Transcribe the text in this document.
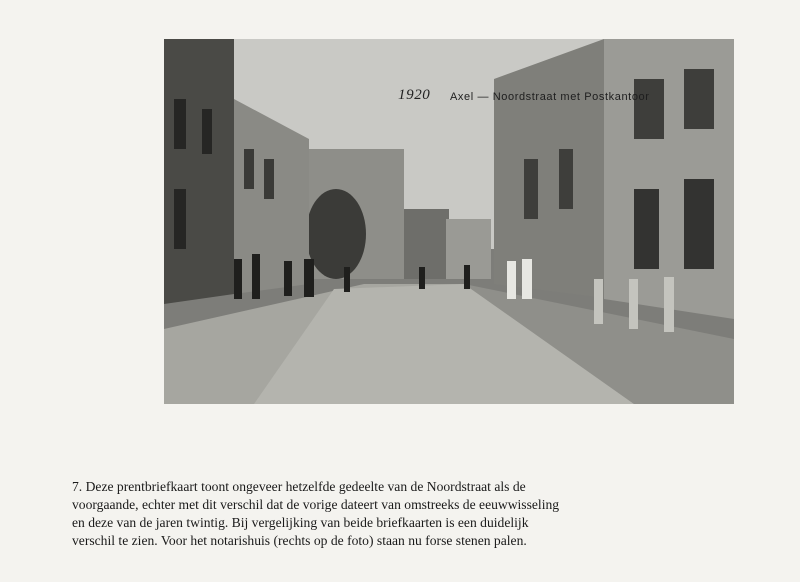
1920 Axel — Noordstraat met Postkantoor

7. Deze prentbriefkaart toont ongeveer hetzelfde gedeelte van de Noordstraat als de

voorgaande, echter met dit verschil dat de vorige dateert van omstreeks de eeuwwisseling

en deze van de jaren twintig. Bij vergelijking van beide briefkaarten is een duidelijk

verschil te zien. Voor het notarishuis (rechts op de foto) staan nu forse stenen palen.
